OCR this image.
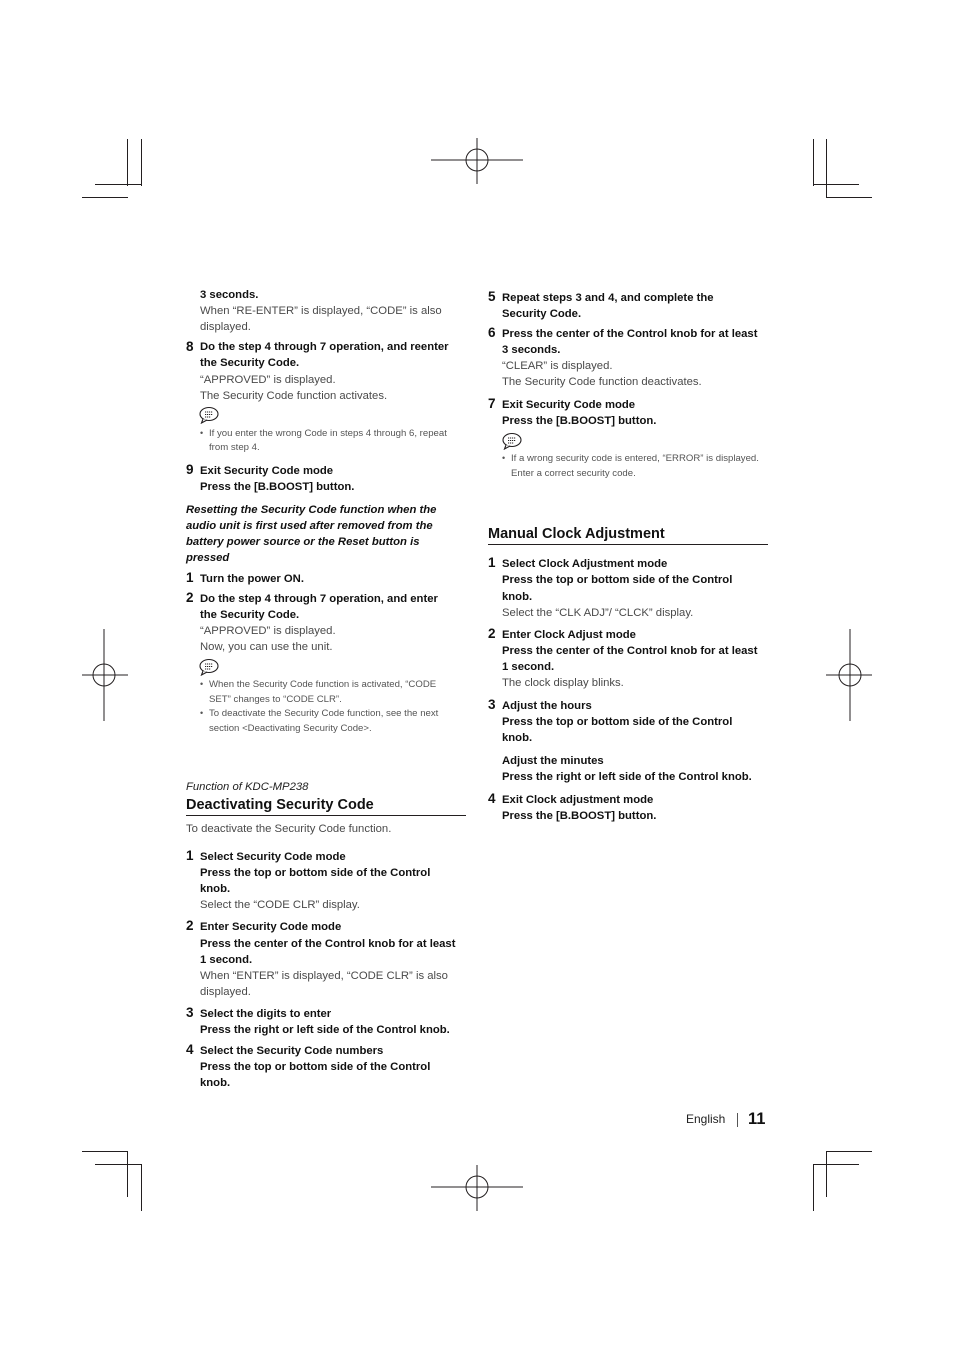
3 seconds.
When “RE-ENTER” is displayed, “CODE” is also
displayed.
8 Do the step 4 through 7 operation, and reenter
the Security Code.
“APPROVED” is displayed.
The Security Code function activates.
• If you enter the wrong Code in steps 4 through 6, repeat
from step 4.
9 Exit Security Code mode
Press the [B.BOOST] button.
Resetting the Security Code function when the
audio unit is first used after removed from the
battery power source or the Reset button is
pressed
1 Turn the power ON.
2 Do the step 4 through 7 operation, and enter
the Security Code.
“APPROVED” is displayed.
Now, you can use the unit.
• When the Security Code function is activated, “CODE
SET” changes to “CODE CLR”.
• To deactivate the Security Code function, see the next
section <Deactivating Security Code>.
Function of KDC-MP238
Deactivating Security Code
To deactivate the Security Code function.
1 Select Security Code mode
Press the top or bottom side of the Control
knob.
Select the “CODE CLR” display.
2 Enter Security Code mode
Press the center of the Control knob for at least
1 second.
When “ENTER” is displayed, “CODE CLR” is also
displayed.
3 Select the digits to enter
Press the right or left side of the Control knob.
4 Select the Security Code numbers
Press the top or bottom side of the Control
knob.
5 Repeat steps 3 and 4, and complete the
Security Code.
6 Press the center of the Control knob for at least
3 seconds.
“CLEAR” is displayed.
The Security Code function deactivates.
7 Exit Security Code mode
Press the [B.BOOST] button.
• If a wrong security code is entered, “ERROR” is displayed.
Enter a correct security code.
Manual Clock Adjustment
1 Select Clock Adjustment mode
Press the top or bottom side of the Control
knob.
Select the “CLK ADJ”/ “CLCK” display.
2 Enter Clock Adjust mode
Press the center of the Control knob for at least
1 second.
The clock display blinks.
3 Adjust the hours
Press the top or bottom side of the Control
knob.
Adjust the minutes
Press the right or left side of the Control knob.
4 Exit Clock adjustment mode
Press the [B.BOOST] button.
English 11
